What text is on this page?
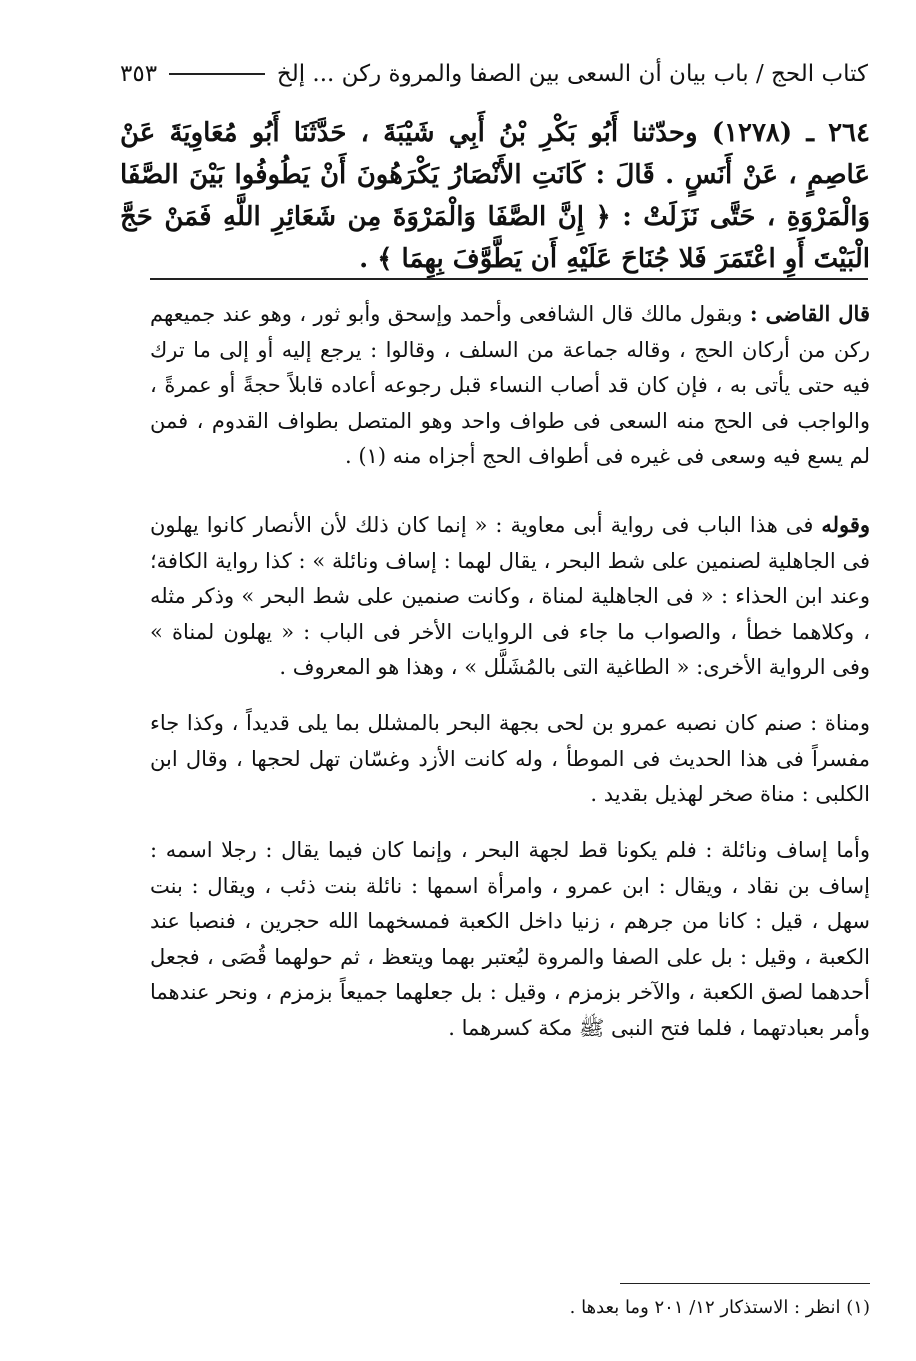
كتاب الحج / باب بيان أن السعى بين الصفا والمروة ركن ... إلخ
٣٥٣
٢٦٤ ـ (١٢٧٨) وحدّثنا أَبُو بَكْرِ بْنُ أَبِي شَيْبَةَ ، حَدَّثَنَا أَبُو مُعَاوِيَةَ عَنْ عَاصِمٍ ، عَنْ أَنَسٍ . قَالَ : كَانَتِ الأَنْصَارُ يَكْرَهُونَ أَنْ يَطُوفُوا بَيْنَ الصَّفَا وَالْمَرْوَةِ ، حَتَّى نَزَلَتْ : ﴿ إِنَّ الصَّفَا وَالْمَرْوَةَ مِن شَعَائِرِ اللَّهِ فَمَنْ حَجَّ الْبَيْتَ أَوِ اعْتَمَرَ فَلا جُنَاحَ عَلَيْهِ أَن يَطَّوَّفَ بِهِمَا ﴾ .

قال القاضى : وبقول مالك قال الشافعى وأحمد وإسحق وأبو ثور ، وهو عند جميعهم ركن من أركان الحج ، وقاله جماعة من السلف ، وقالوا : يرجع إليه أو إلى ما ترك فيه حتى يأتى به ، فإن كان قد أصاب النساء قبل رجوعه أعاده قابلاً حجةً أو عمرةً ، والواجب فى الحج منه السعى فى طواف واحد وهو المتصل بطواف القدوم ، فمن لم يسع فيه وسعى فى غيره فى أطواف الحج أجزاه منه (١) .

وقوله فى هذا الباب فى رواية أبى معاوية : « إنما كان ذلك لأن الأنصار كانوا يهلون فى الجاهلية لصنمين على شط البحر ، يقال لهما : إساف ونائلة » : كذا رواية الكافة؛وعند ابن الحذاء : « فى الجاهلية لمناة ، وكانت صنمين على شط البحر » وذكر مثله ، وكلاهما خطأ ، والصواب ما جاء فى الروايات الأخر فى الباب : « يهلون لمناة » وفى الرواية الأخرى: « الطاغية التى بالمُشَلَّل » ، وهذا هو المعروف .

ومناة : صنم كان نصبه عمرو بن لحى بجهة البحر بالمشلل بما يلى قديداً ، وكذا جاء مفسراً فى هذا الحديث فى الموطأ ، وله كانت الأزد وغسّان تهل لحجها ، وقال ابن الكلبى : مناة صخر لهذيل بقديد .

وأما إساف ونائلة : فلم يكونا قط لجهة البحر ، وإنما كان فيما يقال : رجلا اسمه : إساف بن نقاد ، ويقال : ابن عمرو ، وامرأة اسمها : نائلة بنت ذئب ، ويقال : بنت سهل ، قيل : كانا من جرهم ، زنيا داخل الكعبة فمسخهما الله حجرين ، فنصبا عند الكعبة ، وقيل : بل على الصفا والمروة ليُعتبر بهما ويتعظ ، ثم حولهما قُصَى ، فجعل أحدهما لصق الكعبة ، والآخر بزمزم ، وقيل : بل جعلهما جميعاً بزمزم ، ونحر عندهما وأمر بعبادتهما ، فلما فتح النبى ﷺ مكة كسرهما .

(١) انظر : الاستذكار ١٢/ ٢٠١ وما بعدها .
